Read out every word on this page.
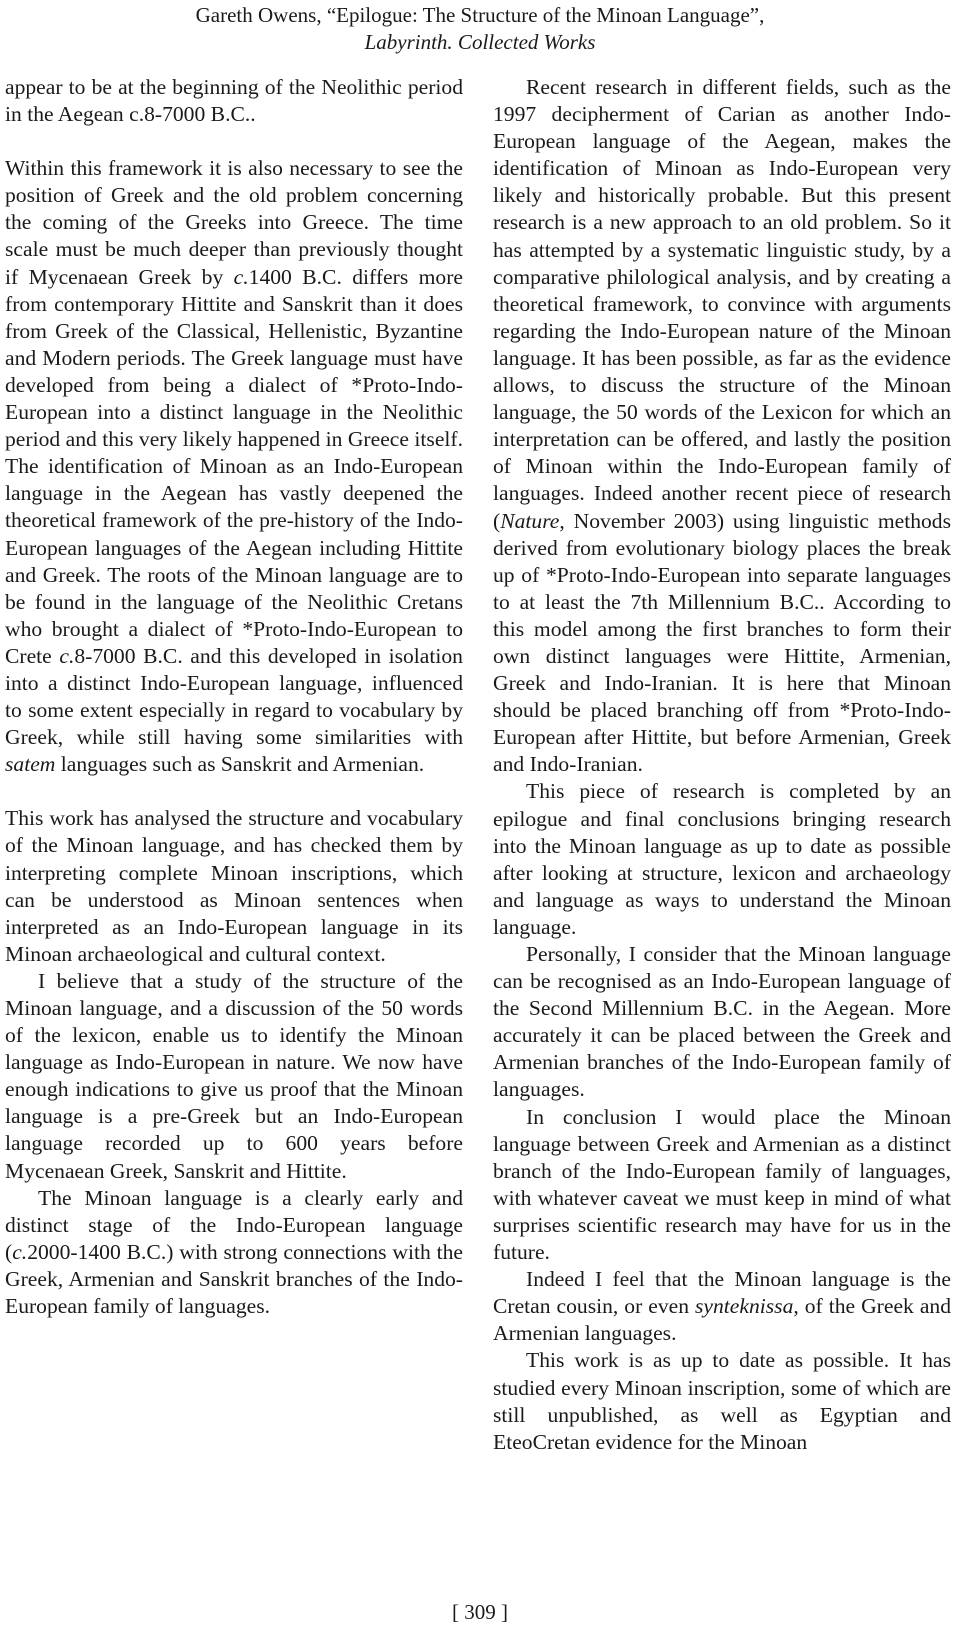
Gareth Owens, “Epilogue: The Structure of the Minoan Language”,
Labyrinth. Collected Works

appear to be at the beginning of the Neolithic period in the Aegean c.8-7000 B.C..

Within this framework it is also necessary to see the position of Greek and the old problem concerning the coming of the Greeks into Greece. The time scale must be much deeper than previously thought if Mycenaean Greek by c.1400 B.C. differs more from contemporary Hittite and Sanskrit than it does from Greek of the Classical, Hellenistic, Byzantine and Modern periods. The Greek language must have developed from being a dialect of *Proto-Indo-European into a distinct language in the Neolithic period and this very likely happened in Greece itself. The identification of Minoan as an Indo-European language in the Aegean has vastly deepened the theoretical framework of the pre-history of the Indo-European languages of the Aegean including Hittite and Greek. The roots of the Minoan language are to be found in the language of the Neolithic Cretans who brought a dialect of *Proto-Indo-European to Crete c.8-7000 B.C. and this developed in isolation into a distinct Indo-European language, influenced to some extent especially in regard to vocabulary by Greek, while still having some similarities with satem languages such as Sanskrit and Armenian.

This work has analysed the structure and vocabulary of the Minoan language, and has checked them by interpreting complete Minoan inscriptions, which can be understood as Minoan sentences when interpreted as an Indo-European language in its Minoan archaeological and cultural context.

I believe that a study of the structure of the Minoan language, and a discussion of the 50 words of the lexicon, enable us to identify the Minoan language as Indo-European in nature. We now have enough indications to give us proof that the Minoan language is a pre-Greek but an Indo-European language recorded up to 600 years before Mycenaean Greek, Sanskrit and Hittite.

The Minoan language is a clearly early and distinct stage of the Indo-European language (c.2000-1400 B.C.) with strong connections with the Greek, Armenian and Sanskrit branches of the Indo-European family of languages.

Recent research in different fields, such as the 1997 decipherment of Carian as another Indo-European language of the Aegean, makes the identification of Minoan as Indo-European very likely and historically probable. But this present research is a new approach to an old problem. So it has attempted by a systematic linguistic study, by a comparative philological analysis, and by creating a theoretical framework, to convince with arguments regarding the Indo-European nature of the Minoan language. It has been possible, as far as the evidence allows, to discuss the structure of the Minoan language, the 50 words of the Lexicon for which an interpretation can be offered, and lastly the position of Minoan within the Indo-European family of languages. Indeed another recent piece of research (Nature, November 2003) using linguistic methods derived from evolutionary biology places the break up of *Proto-Indo-European into separate languages to at least the 7th Millennium B.C.. According to this model among the first branches to form their own distinct languages were Hittite, Armenian, Greek and Indo-Iranian. It is here that Minoan should be placed branching off from *Proto-Indo-European after Hittite, but before Armenian, Greek and Indo-Iranian.

This piece of research is completed by an epilogue and final conclusions bringing research into the Minoan language as up to date as possible after looking at structure, lexicon and archaeology and language as ways to understand the Minoan language.

Personally, I consider that the Minoan language can be recognised as an Indo-European language of the Second Millennium B.C. in the Aegean. More accurately it can be placed between the Greek and Armenian branches of the Indo-European family of languages.

In conclusion I would place the Minoan language between Greek and Armenian as a distinct branch of the Indo-European family of languages, with whatever caveat we must keep in mind of what surprises scientific research may have for us in the future.

Indeed I feel that the Minoan language is the Cretan cousin, or even synteknissa, of the Greek and Armenian languages.

This work is as up to date as possible. It has studied every Minoan inscription, some of which are still unpublished, as well as Egyptian and EteoCretan evidence for the Minoan

[ 309 ]
